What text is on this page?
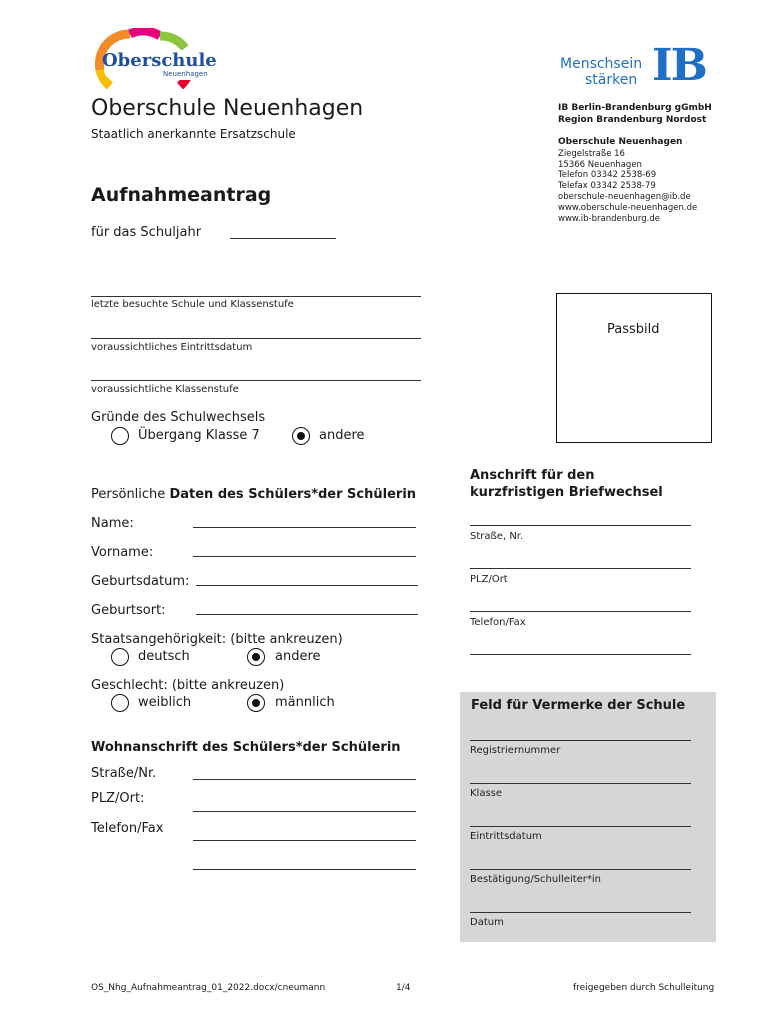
Oberschule
Neuenhagen
Menschsein
stärken IB
Oberschule Neuenhagen
Staatlich anerkannte Ersatzschule
IB Berlin-Brandenburg gGmbH
Region Brandenburg Nordost
Oberschule Neuenhagen
Ziegelstraße 16
15366 Neuenhagen
Telefon 03342 2538-69
Telefax 03342 2538-79
oberschule-neuenhagen@ib.de
www.oberschule-neuenhagen.de
www.ib-brandenburg.de
Aufnahmeantrag
für das Schuljahr
letzte besuchte Schule und Klassenstufe
voraussichtliches Eintrittsdatum
voraussichtliche Klassenstufe
Passbild
Gründe des Schulwechsels
Übergang Klasse 7	andere
Persönliche Daten des Schülers*der Schülerin
Name:
Vorname:
Geburtsdatum:
Geburtsort:
Staatsangehörigkeit: (bitte ankreuzen)
deutsch	andere
Geschlecht: (bitte ankreuzen)
weiblich	männlich
Wohnanschrift des Schülers*der Schülerin
Straße/Nr.
PLZ/Ort:
Telefon/Fax
Anschrift für den
kurzfristigen Briefwechsel
Straße, Nr.
PLZ/Ort
Telefon/Fax
Feld für Vermerke der Schule
Registriernummer
Klasse
Eintrittsdatum
Bestätigung/Schulleiter*in
Datum
OS_Nhg_Aufnahmeantrag_01_2022.docx/cneumann	1/4	freigegeben durch Schulleitung
